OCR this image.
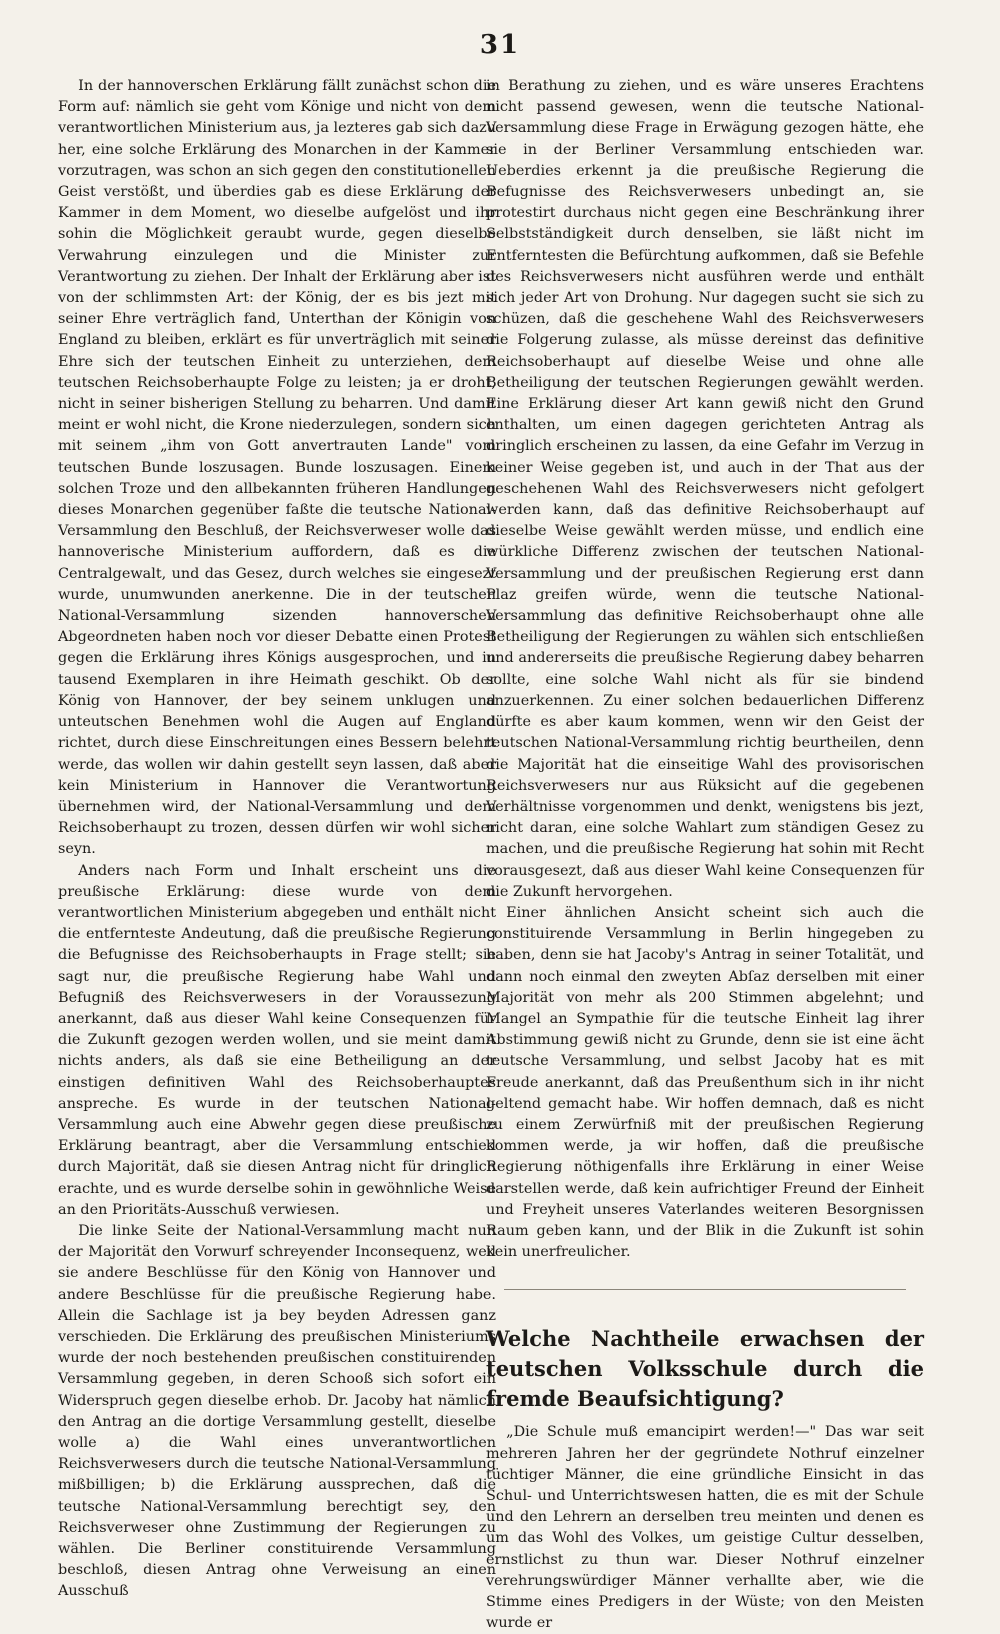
31

In der hannoverschen Erklärung fällt zunächst schon die Form auf: nämlich sie geht vom Könige und nicht von dem verantwortlichen Ministerium aus, ja lezteres gab sich dazu her, eine solche Erklärung des Monarchen in der Kammer vorzutragen, was schon an sich gegen den constitutionellen Geist verstößt, und überdies gab es diese Erklärung der Kammer in dem Moment, wo dieselbe aufgelöst und ihr sohin die Möglichkeit geraubt wurde, gegen dieselbe Verwahrung einzulegen und die Minister zur Verantwortung zu ziehen. Der Inhalt der Erklärung aber ist von der schlimmsten Art: der König, der es bis jezt mit seiner Ehre verträglich fand, Unterthan der Königin von England zu bleiben, erklärt es für unverträglich mit seiner Ehre sich der teutschen Einheit zu unterziehen, dem teutschen Reichsoberhaupte Folge zu leisten; ja er droht, nicht in seiner bisherigen Stellung zu beharren. Und damit meint er wohl nicht, die Krone niederzulegen, sondern sich mit seinem „ihm von Gott anvertrauten Lande" vom teutschen Bunde loszusagen. Bunde loszusagen. Einem solchen Troze und den allbekannten früheren Handlungen dieses Monarchen gegenüber faßte die teutsche National-Versammlung den Beschluß, der Reichsverweser wolle das hannoverische Ministerium auffordern, daß es die Centralgewalt, und das Gesez, durch welches sie eingesezt wurde, unumwunden anerkenne. Die in der teutschen National-Versammlung sizenden hannoverschen Abgeordneten haben noch vor dieser Debatte einen Protest gegen die Erklärung ihres Königs ausgesprochen, und in tausend Exemplaren in ihre Heimath geschikt. Ob der König von Hannover, der bey seinem unklugen und unteutschen Benehmen wohl die Augen auf England richtet, durch diese Einschreitungen eines Bessern belehrt werde, das wollen wir dahin gestellt seyn lassen, daß aber kein Ministerium in Hannover die Verantwortung übernehmen wird, der National-Versammlung und dem Reichsoberhaupt zu trozen, dessen dürfen wir wohl sicher seyn.

Anders nach Form und Inhalt erscheint uns die preußische Erklärung: diese wurde von dem verantwortlichen Ministerium abgegeben und enthält nicht die entfernteste Andeutung, daß die preußische Regierung die Befugnisse des Reichsoberhaupts in Frage stellt; sie sagt nur, die preußische Regierung habe Wahl und Befugniß des Reichsverwesers in der Voraussezung anerkannt, daß aus dieser Wahl keine Consequenzen für die Zukunft gezogen werden wollen, und sie meint damit nichts anders, als daß sie eine Betheiligung an der einstigen definitiven Wahl des Reichsoberhauptes anspreche. Es wurde in der teutschen National-Versammlung auch eine Abwehr gegen diese preußische Erklärung beantragt, aber die Versammlung entschied durch Majorität, daß sie diesen Antrag nicht für dringlich erachte, und es wurde derselbe sohin in gewöhnliche Weise an den Prioritäts-Ausschuß verwiesen.

Die linke Seite der National-Versammlung macht nun der Majorität den Vorwurf schreyender Inconsequenz, weil sie andere Beschlüsse für den König von Hannover und andere Beschlüsse für die preußische Regierung habe. Allein die Sachlage ist ja bey beyden Adressen ganz verschieden. Die Erklärung des preußischen Ministeriums wurde der noch bestehenden preußischen constituirenden Versammlung gegeben, in deren Schooß sich sofort ein Widerspruch gegen dieselbe erhob. Dr. Jacoby hat nämlich den Antrag an die dortige Versammlung gestellt, dieselbe wolle a) die Wahl eines unverantwortlichen Reichsverwesers durch die teutsche National-Versammlung mißbilligen; b) die Erklärung aussprechen, daß die teutsche National-Versammlung berechtigt sey, den Reichsverweser ohne Zustimmung der Regierungen zu wählen. Die Berliner constituirende Versammlung beschloß, diesen Antrag ohne Verweisung an einen Ausschuß

in Berathung zu ziehen, und es wäre unseres Erachtens nicht passend gewesen, wenn die teutsche National-Versammlung diese Frage in Erwägung gezogen hätte, ehe sie in der Berliner Versammlung entschieden war. Ueberdies erkennt ja die preußische Regierung die Befugnisse des Reichsverwesers unbedingt an, sie protestirt durchaus nicht gegen eine Beschränkung ihrer Selbstständigkeit durch denselben, sie läßt nicht im Entferntesten die Befürchtung aufkommen, daß sie Befehle des Reichsverwesers nicht ausführen werde und enthält sich jeder Art von Drohung. Nur dagegen sucht sie sich zu schüzen, daß die geschehene Wahl des Reichsverwesers die Folgerung zulasse, als müsse dereinst das definitive Reichsoberhaupt auf dieselbe Weise und ohne alle Betheiligung der teutschen Regierungen gewählt werden. Eine Erklärung dieser Art kann gewiß nicht den Grund enthalten, um einen dagegen gerichteten Antrag als dringlich erscheinen zu lassen, da eine Gefahr im Verzug in keiner Weise gegeben ist, und auch in der That aus der geschehenen Wahl des Reichsverwesers nicht gefolgert werden kann, daß das definitive Reichsoberhaupt auf dieselbe Weise gewählt werden müsse, und endlich eine würkliche Differenz zwischen der teutschen National-Versammlung und der preußischen Regierung erst dann Plaz greifen würde, wenn die teutsche National-Versammlung das definitive Reichsoberhaupt ohne alle Betheiligung der Regierungen zu wählen sich entschließen und andererseits die preußische Regierung dabey beharren sollte, eine solche Wahl nicht als für sie bindend anzuerkennen. Zu einer solchen bedauerlichen Differenz dürfte es aber kaum kommen, wenn wir den Geist der teutschen National-Versammlung richtig beurtheilen, denn die Majorität hat die einseitige Wahl des provisorischen Reichsverwesers nur aus Rüksicht auf die gegebenen Verhältnisse vorgenommen und denkt, wenigstens bis jezt, nicht daran, eine solche Wahlart zum ständigen Gesez zu machen, und die preußische Regierung hat sohin mit Recht vorausgesezt, daß aus dieser Wahl keine Consequenzen für die Zukunft hervorgehen.

Einer ähnlichen Ansicht scheint sich auch die constituirende Versammlung in Berlin hingegeben zu haben, denn sie hat Jacoby's Antrag in seiner Totalität, und dann noch einmal den zweyten Abſaz derselben mit einer Majorität von mehr als 200 Stimmen abgelehnt; und Mangel an Sympathie für die teutsche Einheit lag ihrer Abstimmung gewiß nicht zu Grunde, denn sie ist eine ächt teutsche Versammlung, und selbst Jacoby hat es mit Freude anerkannt, daß das Preußenthum sich in ihr nicht geltend gemacht habe. Wir hoffen demnach, daß es nicht zu einem Zerwürfniß mit der preußischen Regierung kommen werde, ja wir hoffen, daß die preußische Regierung nöthigenfalls ihre Erklärung in einer Weise darstellen werde, daß kein aufrichtiger Freund der Einheit und Freyheit unseres Vaterlandes weiteren Besorgnissen Raum geben kann, und der Blik in die Zukunft ist sohin kein unerfreulicher.

Welche Nachtheile erwachsen der teutschen Volksschule durch die fremde Beaufsichtigung?

„Die Schule muß emancipirt werden!—" Das war seit mehreren Jahren her der gegründete Nothruf einzelner tüchtiger Männer, die eine gründliche Einsicht in das Schul- und Unterrichtswesen hatten, die es mit der Schule und den Lehrern an derselben treu meinten und denen es um das Wohl des Volkes, um geistige Cultur desselben, ernstlichst zu thun war. Dieser Nothruf einzelner verehrungswürdiger Männer verhallte aber, wie die Stimme eines Predigers in der Wüste; von den Meisten wurde er
